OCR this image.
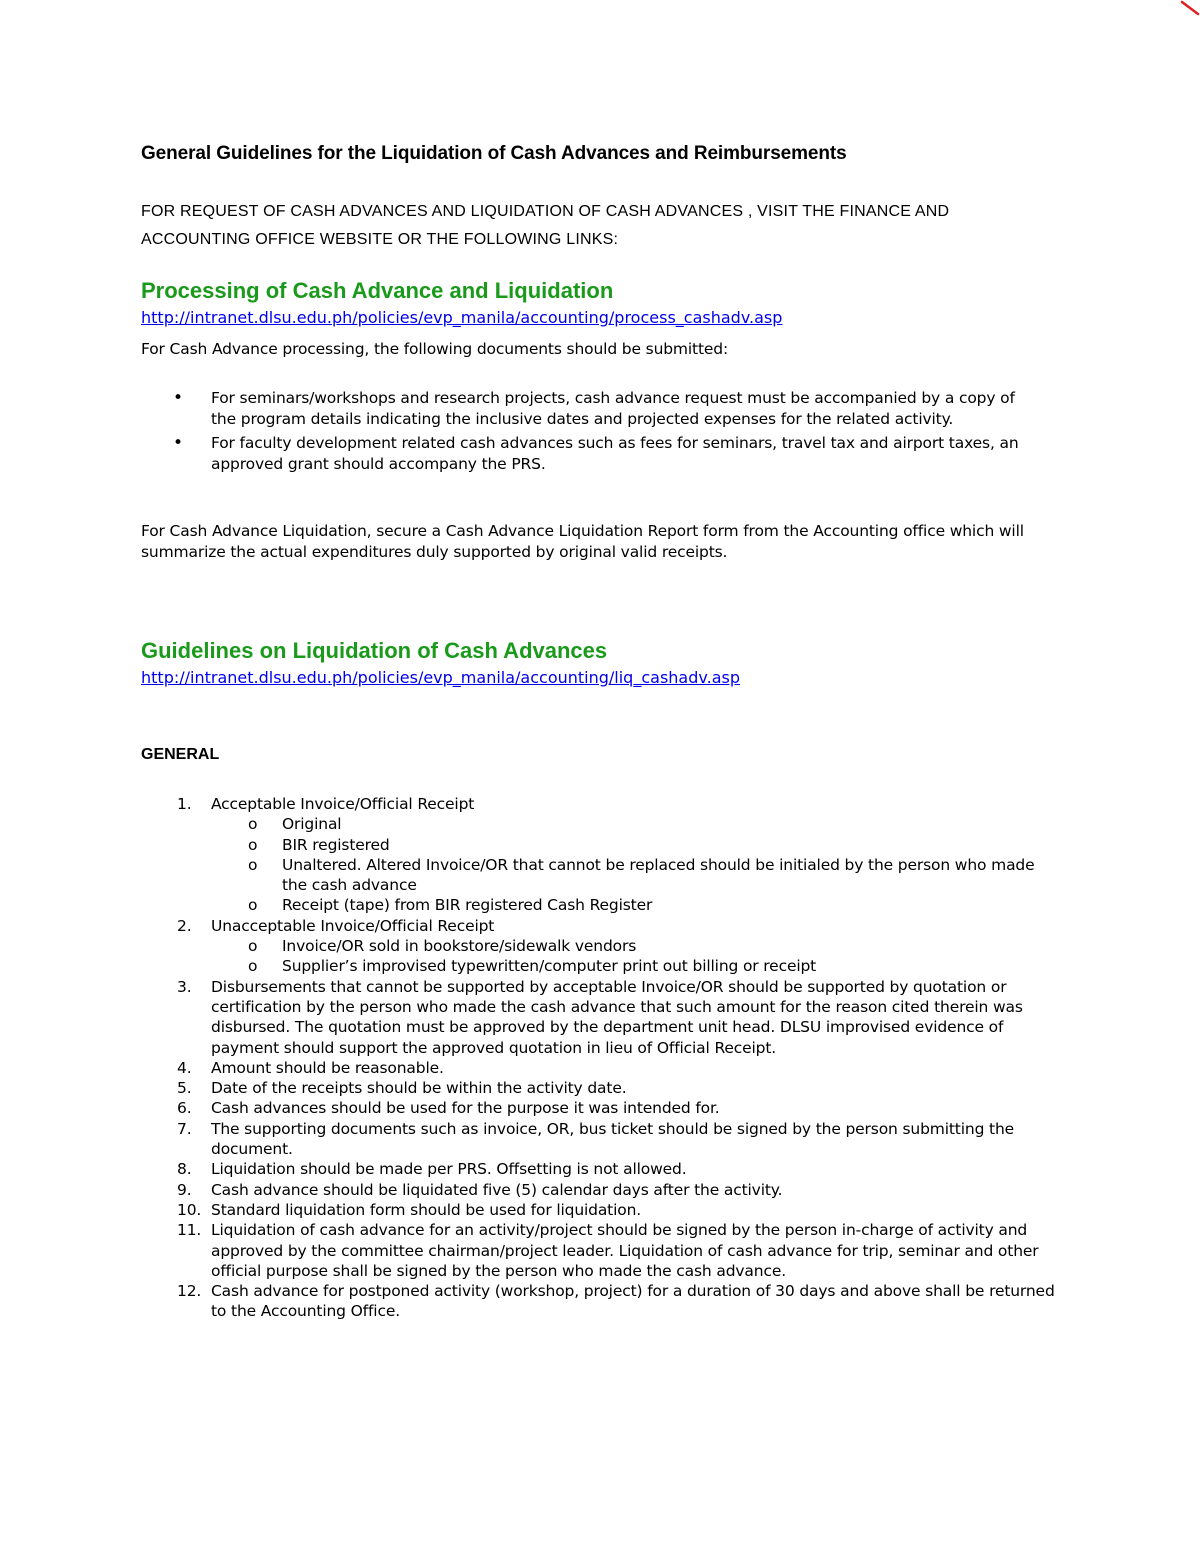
General Guidelines for the Liquidation of Cash Advances and Reimbursements
FOR REQUEST OF CASH ADVANCES AND LIQUIDATION OF CASH ADVANCES , VISIT THE FINANCE AND ACCOUNTING OFFICE WEBSITE OR THE FOLLOWING LINKS:
Processing of Cash Advance and Liquidation
http://intranet.dlsu.edu.ph/policies/evp_manila/accounting/process_cashadv.asp
For Cash Advance processing, the following documents should be submitted:
• For seminars/workshops and research projects, cash advance request must be accompanied by a copy of the program details indicating the inclusive dates and projected expenses for the related activity.
• For faculty development related cash advances such as fees for seminars, travel tax and airport taxes, an approved grant should accompany the PRS.
For Cash Advance Liquidation, secure a Cash Advance Liquidation Report form from the Accounting office which will summarize the actual expenditures duly supported by original valid receipts.
Guidelines on Liquidation of Cash Advances
http://intranet.dlsu.edu.ph/policies/evp_manila/accounting/liq_cashadv.asp
GENERAL
1.	Acceptable Invoice/Official Receipt
o Original
o BIR registered
o Unaltered. Altered Invoice/OR that cannot be replaced should be initialed by the person who made the cash advance
o Receipt (tape) from BIR registered Cash Register
2.	Unacceptable Invoice/Official Receipt
o Invoice/OR sold in bookstore/sidewalk vendors
o Supplier’s improvised typewritten/computer print out billing or receipt
3.	Disbursements that cannot be supported by acceptable Invoice/OR should be supported by quotation or certification by the person who made the cash advance that such amount for the reason cited therein was disbursed. The quotation must be approved by the department unit head. DLSU improvised evidence of payment should support the approved quotation in lieu of Official Receipt.
4.	Amount should be reasonable.
5.	Date of the receipts should be within the activity date.
6.	Cash advances should be used for the purpose it was intended for.
7.	The supporting documents such as invoice, OR, bus ticket should be signed by the person submitting the document.
8.	Liquidation should be made per PRS. Offsetting is not allowed.
9.	Cash advance should be liquidated five (5) calendar days after the activity.
10. Standard liquidation form should be used for liquidation.
11. Liquidation of cash advance for an activity/project should be signed by the person in-charge of activity and approved by the committee chairman/project leader. Liquidation of cash advance for trip, seminar and other official purpose shall be signed by the person who made the cash advance.
12. Cash advance for postponed activity (workshop, project) for a duration of 30 days and above shall be returned to the Accounting Office.
